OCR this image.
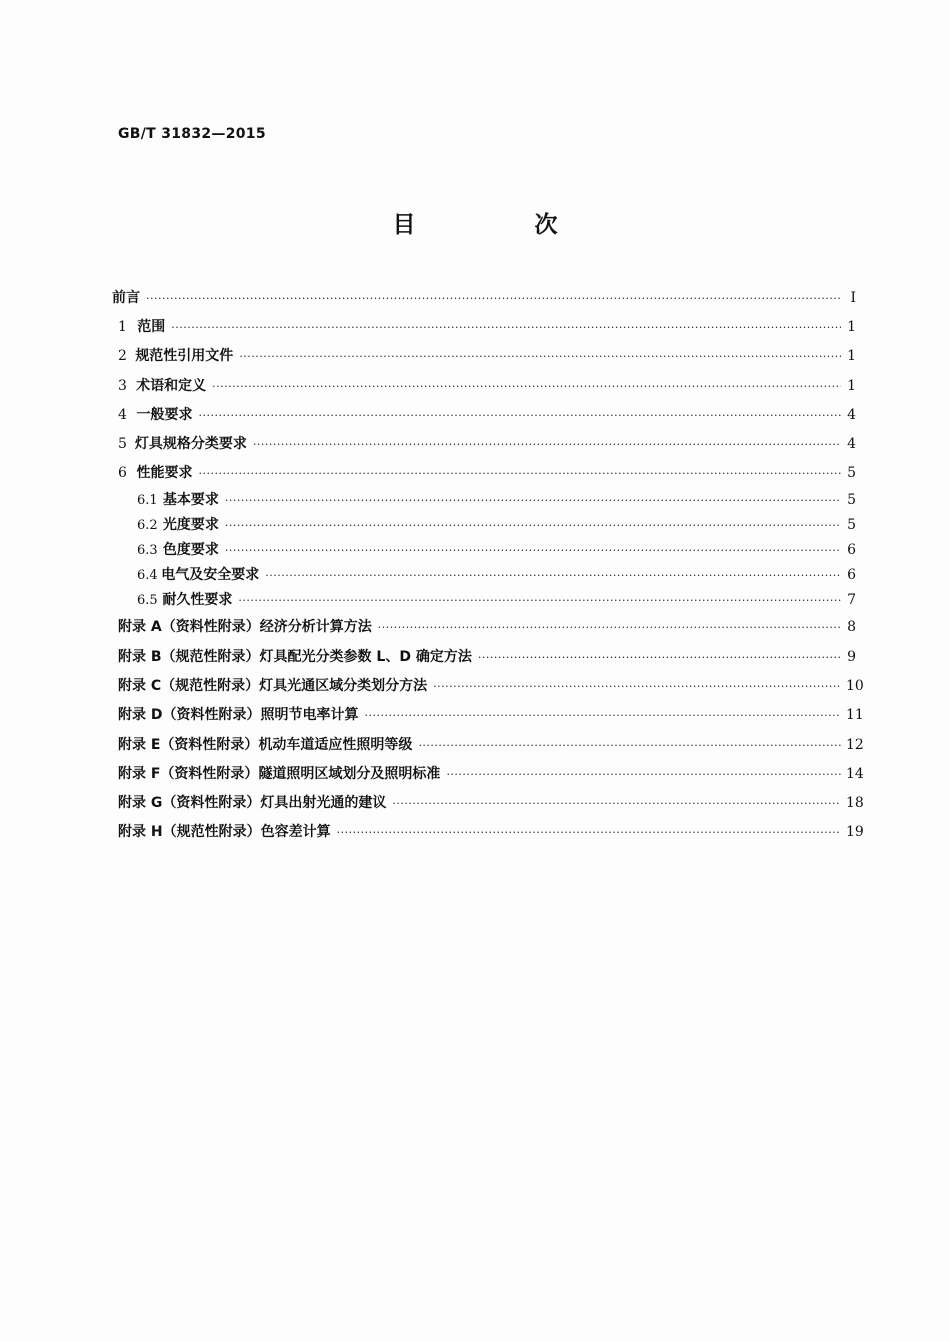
GB/T 31832—2015
目　次
前言 ·····	Ⅰ
1 范围 ·····	1
2 规范性引用文件 ·····	1
3 术语和定义 ·····	1
4 一般要求 ·····	4
5 灯具规格分类要求 ·····	4
6 性能要求 ·····	5
6.1 基本要求 ·····	5
6.2 光度要求 ·····	5
6.3 色度要求 ·····	6
6.4 电气及安全要求 ·····	6
6.5 耐久性要求 ·····	7
附录 A（资料性附录） 经济分析计算方法 ·····	8
附录 B（规范性附录） 灯具配光分类参数 L、D 确定方法 ·····	9
附录 C（规范性附录） 灯具光通区域分类划分方法 ·····	10
附录 D（资料性附录） 照明节电率计算 ·····	11
附录 E（资料性附录） 机动车道适应性照明等级 ·····	12
附录 F（资料性附录） 隧道照明区域划分及照明标准 ·····	14
附录 G（资料性附录） 灯具出射光通的建议 ·····	18
附录 H（规范性附录） 色容差计算 ·····	19
